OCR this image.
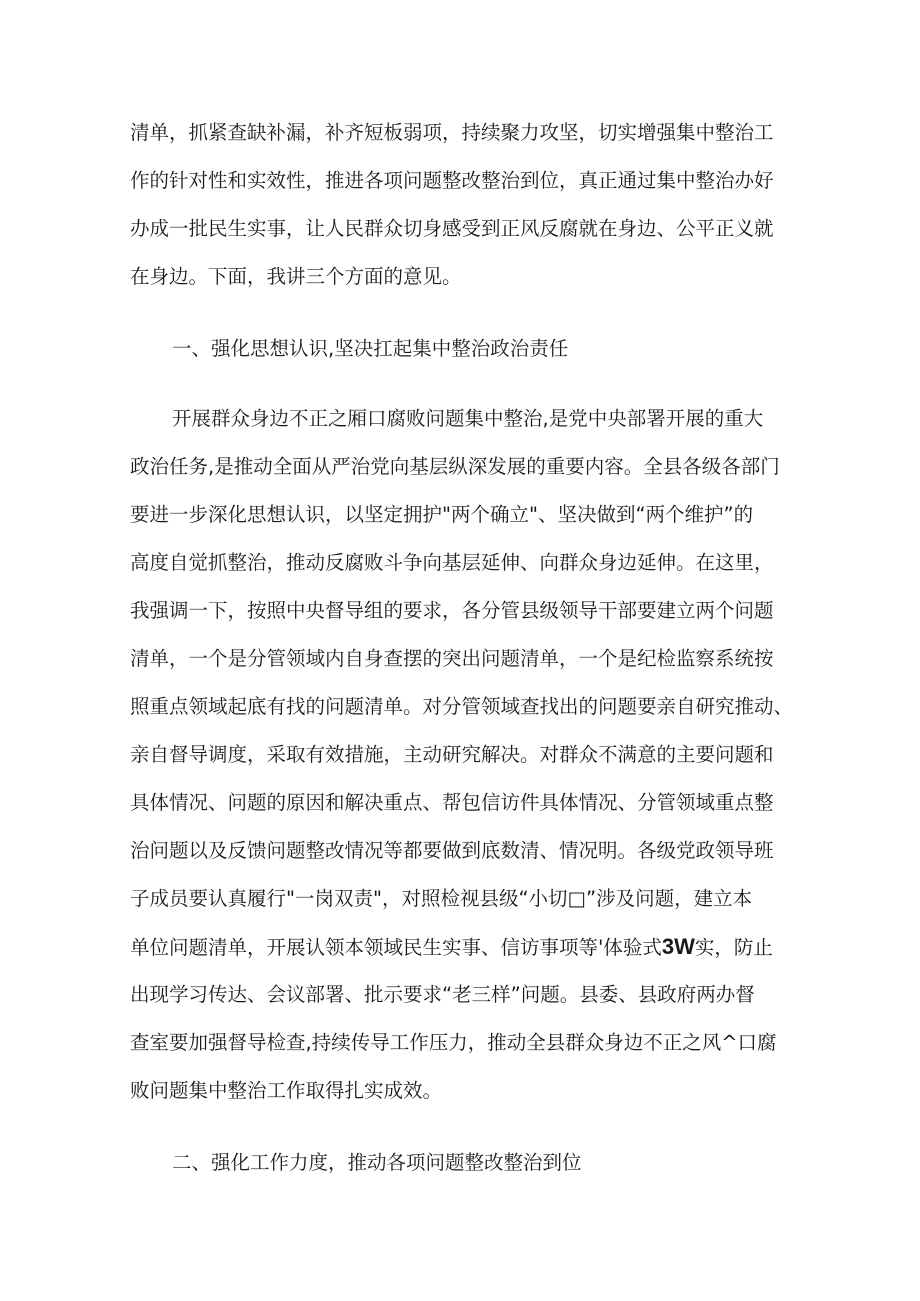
清单，抓紧查缺补漏，补齐短板弱项，持续聚力攻坚，切实增强集中整治工
作的针对性和实效性，推进各项问题整改整治到位，真正通过集中整治办好
办成一批民生实事，让人民群众切身感受到正风反腐就在身边、公平正义就
在身边。下面，我讲三个方面的意见。
一、强化思想认识,坚决扛起集中整治政治责任
开展群众身边不正之厢口腐败问题集中整治,是党中央部署开展的重大
政治任务,是推动全面从严治党向基层纵深发展的重要内容。全县各级各部门
要进一步深化思想认识，以坚定拥护"两个确立"、坚决做到“两个维护”的
高度自觉抓整治，推动反腐败斗争向基层延伸、向群众身边延伸。在这里，
我强调一下，按照中央督导组的要求，各分管县级领导干部要建立两个问题
清单，一个是分管领域内自身查摆的突出问题清单，一个是纪检监察系统按
照重点领域起底有找的问题清单。对分管领域查找出的问题要亲自研究推动、
亲自督导调度，采取有效措施，主动研究解决。对群众不满意的主要问题和
具体情况、问题的原因和解决重点、帮包信访件具体情况、分管领域重点整
治问题以及反馈问题整改情况等都要做到底数清、情况明。各级党政领导班
子成员要认真履行"一岗双责"，对照检视县级“小切□”涉及问题，建立本
单位问题清单，开展认领本领域民生实事、信访事项等'体验式3W实，防止
出现学习传达、会议部署、批示要求“老三样”问题。县委、县政府两办督
查室要加强督导检查,持续传导工作压力，推动全县群众身边不正之风^口腐
败问题集中整治工作取得扎实成效。
二、强化工作力度，推动各项问题整改整治到位
